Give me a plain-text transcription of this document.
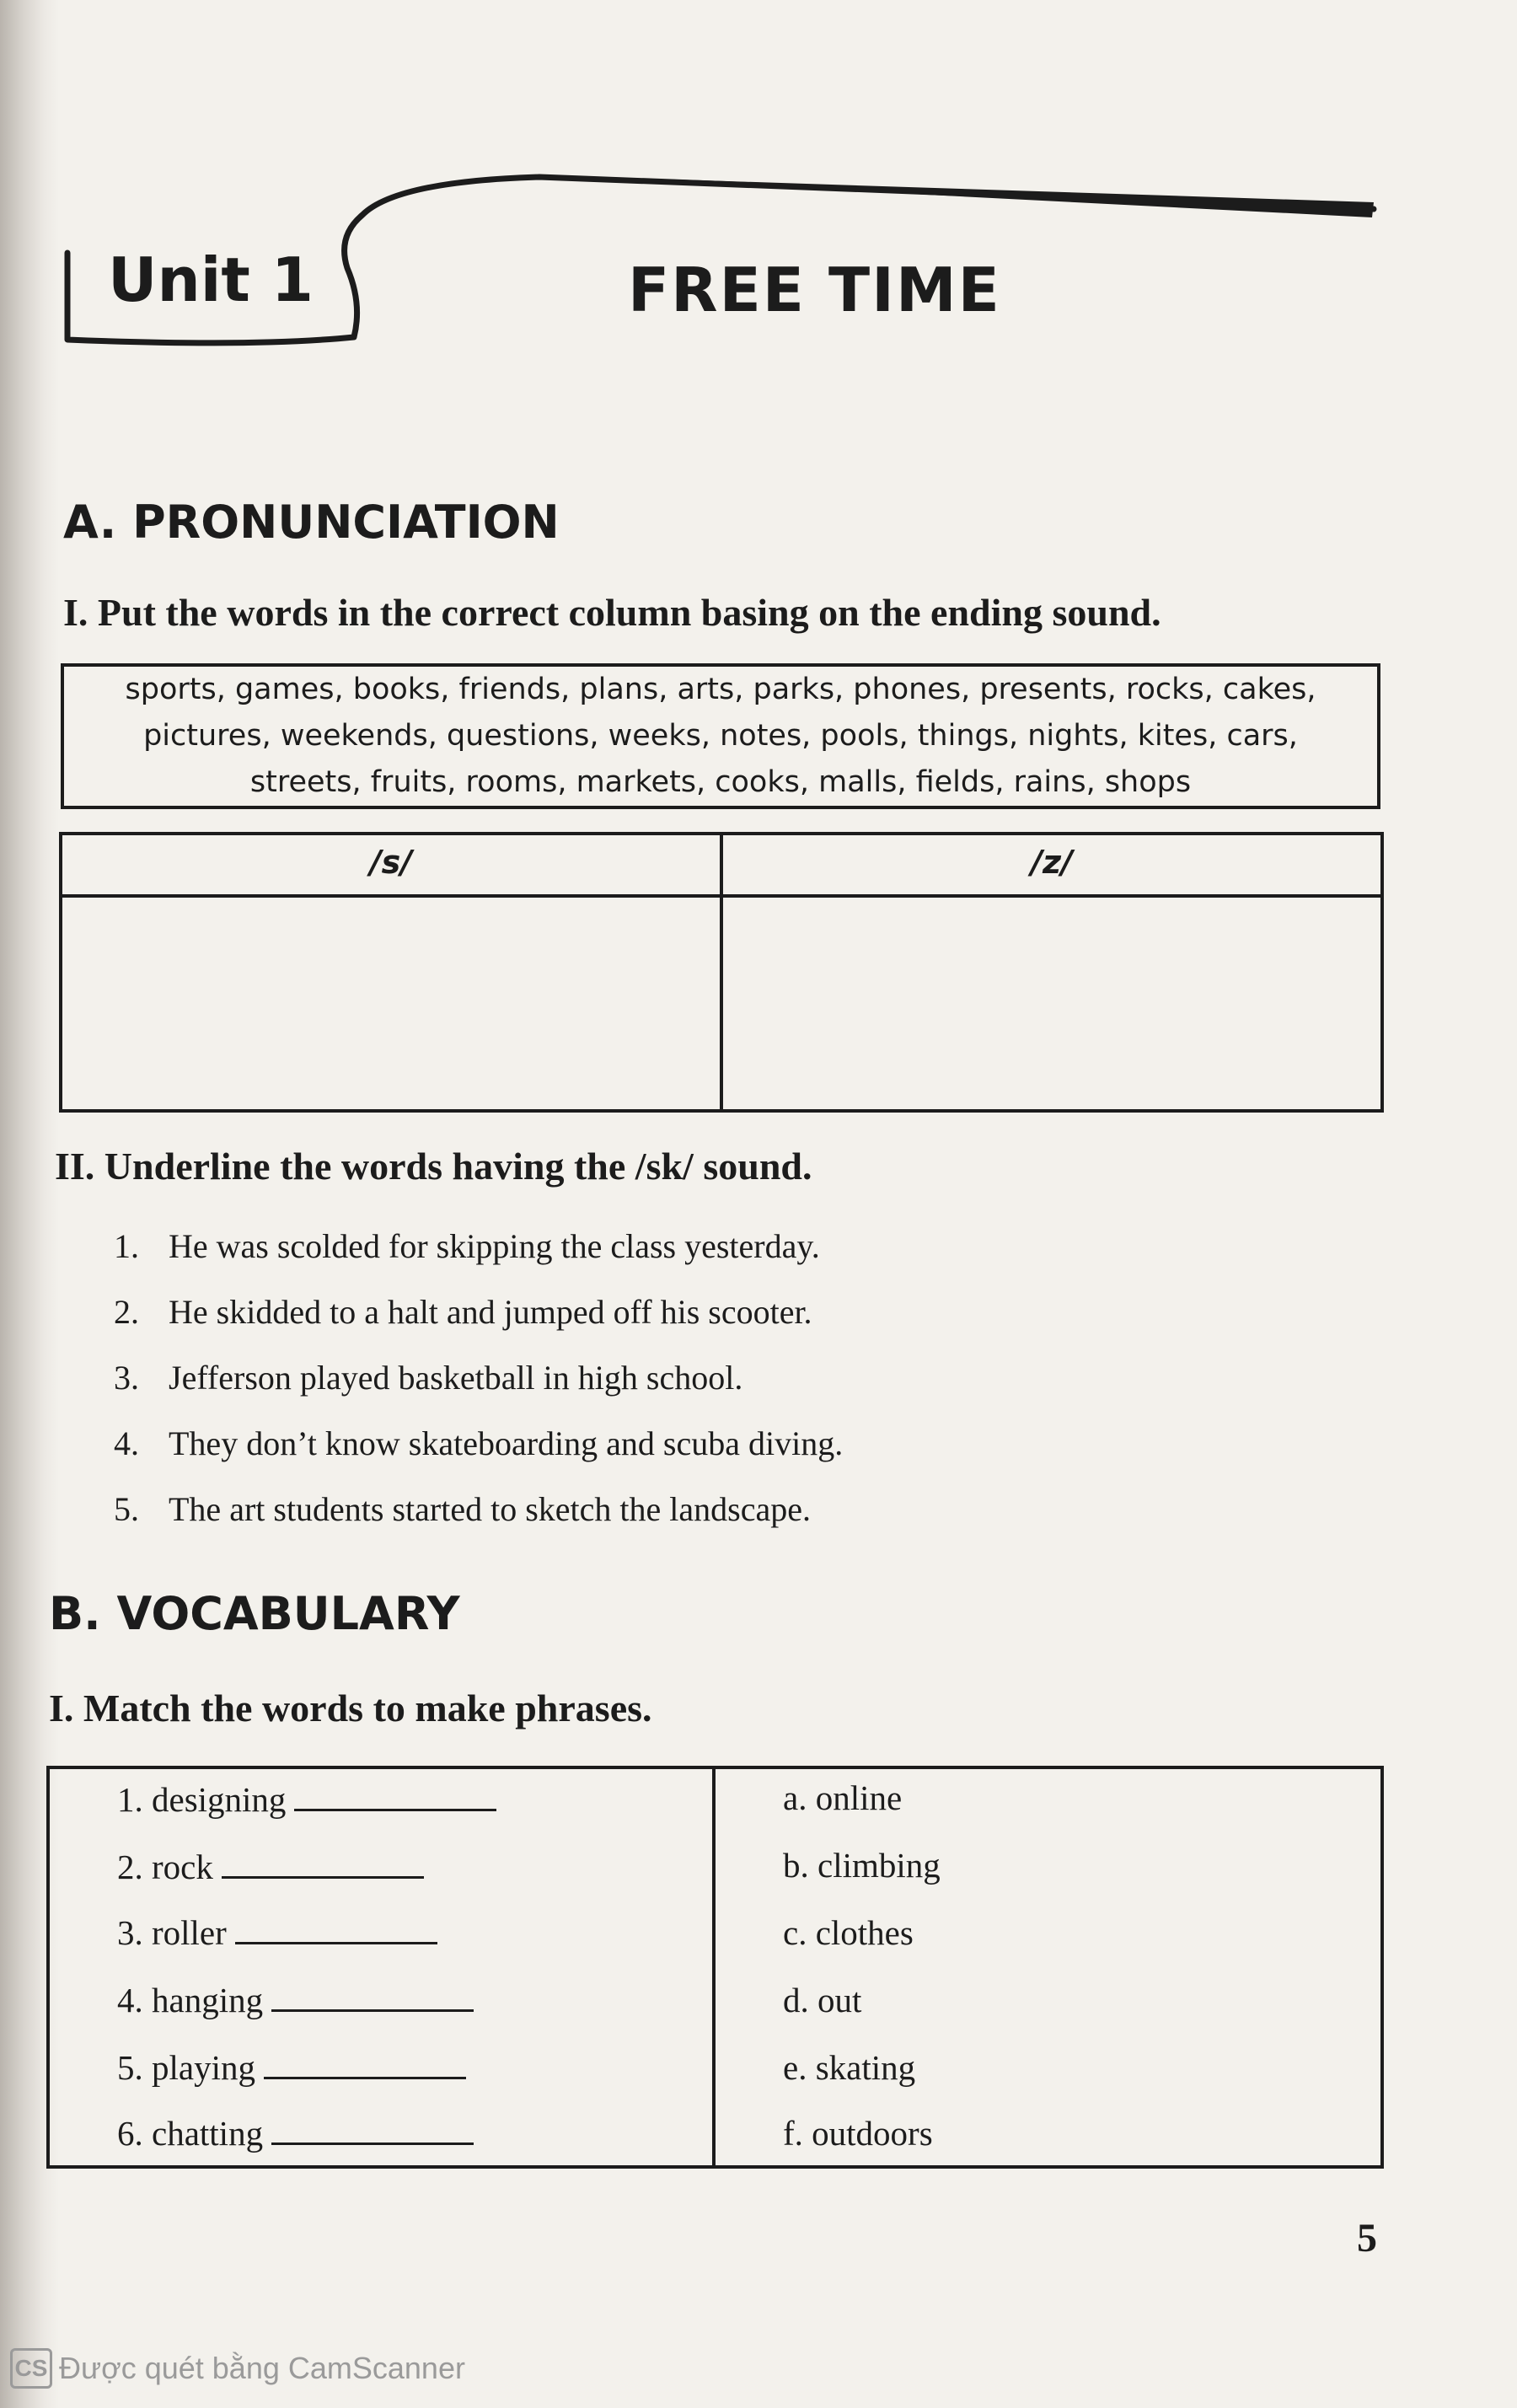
Unit 1	FREE TIME
A. PRONUNCIATION
I. Put the words in the correct column basing on the ending sound.
sports, games, books, friends, plans, arts, parks, phones, presents, rocks, cakes, pictures, weekends, questions, weeks, notes, pools, things, nights, kites, cars, streets, fruits, rooms, markets, cooks, malls, fields, rains, shops
/s/	/z/
II. Underline the words having the /sk/ sound.
1. He was scolded for skipping the class yesterday.
2. He skidded to a halt and jumped off his scooter.
3. Jefferson played basketball in high school.
4. They don’t know skateboarding and scuba diving.
5. The art students started to sketch the landscape.
B. VOCABULARY
I. Match the words to make phrases.
1. designing
2. rock
3. roller
4. hanging
5. playing
6. chatting
a. online
b. climbing
c. clothes
d. out
e. skating
f. outdoors
5
CS Được quét bằng CamScanner
